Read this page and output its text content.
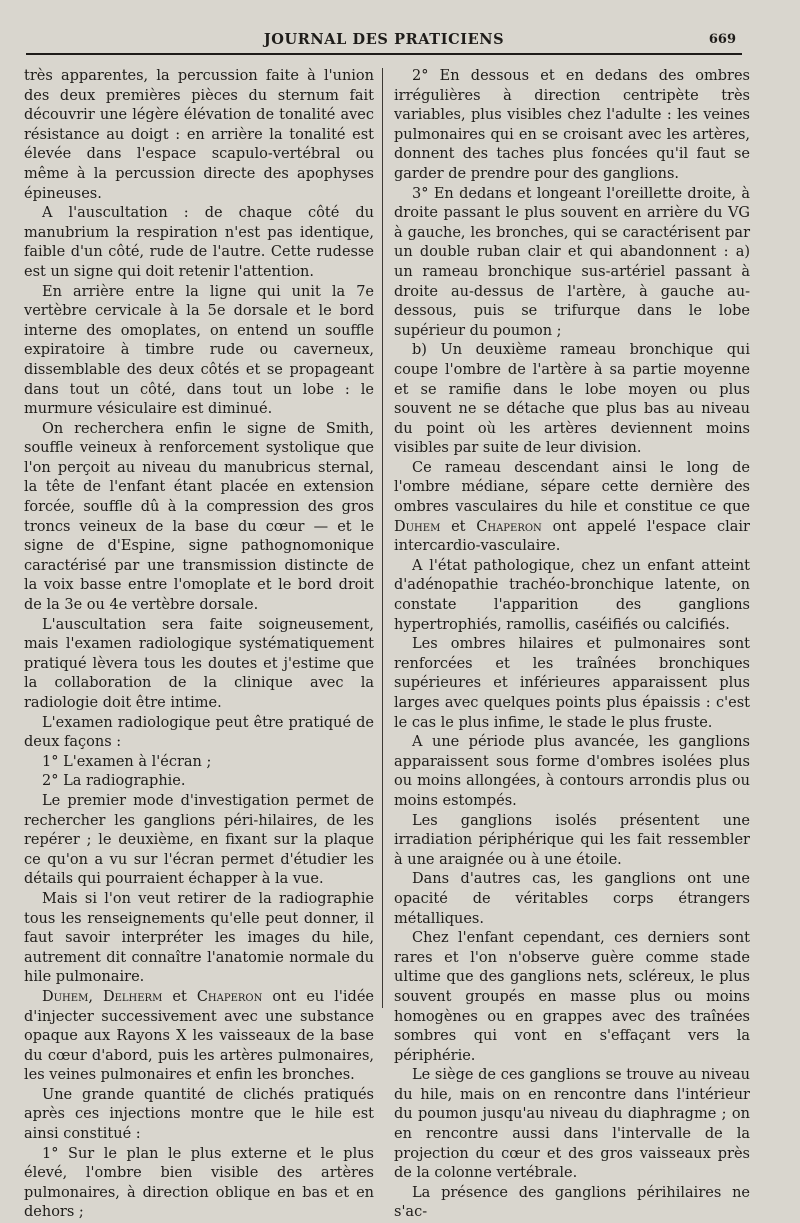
JOURNAL DES PRATICIENS	669

très apparentes, la percussion faite à l'union des deux premières pièces du sternum fait découvrir une légère élévation de tonalité avec résistance au doigt : en arrière la tonalité est élevée dans l'espace scapulo-vertébral ou même à la percussion directe des apophyses épineuses.

A l'auscultation : de chaque côté du manubrium la respiration n'est pas identique, faible d'un côté, rude de l'autre. Cette rudesse est un signe qui doit retenir l'attention.

En arrière entre la ligne qui unit la 7e vertèbre cervicale à la 5e dorsale et le bord interne des omoplates, on entend un souffle expiratoire à timbre rude ou caverneux, dissemblable des deux côtés et se propageant dans tout un côté, dans tout un lobe : le murmure vésiculaire est diminué.

On recherchera enfin le signe de Smith, souffle veineux à renforcement systolique que l'on perçoit au niveau du manubricus sternal, la tête de l'enfant étant placée en extension forcée, souffle dû à la compression des gros troncs veineux de la base du cœur — et le signe de d'Espine, signe pathognomonique caractérisé par une transmission distincte de la voix basse entre l'omoplate et le bord droit de la 3e ou 4e vertèbre dorsale.

L'auscultation sera faite soigneusement, mais l'examen radiologique systématiquement pratiqué lèvera tous les doutes et j'estime que la collaboration de la clinique avec la radiologie doit être intime.

L'examen radiologique peut être pratiqué de deux façons :

1° L'examen à l'écran ;

2° La radiographie.

Le premier mode d'investigation permet de rechercher les ganglions péri-hilaires, de les repérer ; le deuxième, en fixant sur la plaque ce qu'on a vu sur l'écran permet d'étudier les détails qui pourraient échapper à la vue.

Mais si l'on veut retirer de la radiographie tous les renseignements qu'elle peut donner, il faut savoir interpréter les images du hile, autrement dit connaître l'anatomie normale du hile pulmonaire.

Duhem, Delherm et Chaperon ont eu l'idée d'injecter successivement avec une substance opaque aux Rayons X les vaisseaux de la base du cœur d'abord, puis les artères pulmonaires, les veines pulmonaires et enfin les bronches.

Une grande quantité de clichés pratiqués après ces injections montre que le hile est ainsi constitué :

1° Sur le plan le plus externe et le plus élevé, l'ombre bien visible des artères pulmonaires, à direction oblique en bas et en dehors ;

2° En dessous et en dedans des ombres irrégulières à direction centripète très variables, plus visibles chez l'adulte : les veines pulmonaires qui en se croisant avec les artères, donnent des taches plus foncées qu'il faut se garder de prendre pour des ganglions.

3° En dedans et longeant l'oreillette droite, à droite passant le plus souvent en arrière du VG à gauche, les bronches, qui se caractérisent par un double ruban clair et qui abandonnent : a) un rameau bronchique sus-artériel passant à droite au-dessus de l'artère, à gauche au-dessous, puis se trifurque dans le lobe supérieur du poumon ;

b) Un deuxième rameau bronchique qui coupe l'ombre de l'artère à sa partie moyenne et se ramifie dans le lobe moyen ou plus souvent ne se détache que plus bas au niveau du point où les artères deviennent moins visibles par suite de leur division.

Ce rameau descendant ainsi le long de l'ombre médiane, sépare cette dernière des ombres vasculaires du hile et constitue ce que Duhem et Chaperon ont appelé l'espace clair intercardio-vasculaire.

A l'état pathologique, chez un enfant atteint d'adénopathie trachéo-bronchique latente, on constate l'apparition des ganglions hypertrophiés, ramollis, caséifiés ou calcifiés.

Les ombres hilaires et pulmonaires sont renforcées et les traînées bronchiques supérieures et inférieures apparaissent plus larges avec quelques points plus épaissis : c'est le cas le plus infime, le stade le plus fruste.

A une période plus avancée, les ganglions apparaissent sous forme d'ombres isolées plus ou moins allongées, à contours arrondis plus ou moins estompés.

Les ganglions isolés présentent une irradiation périphérique qui les fait ressembler à une araignée ou à une étoile.

Dans d'autres cas, les ganglions ont une opacité de véritables corps étrangers métalliques.

Chez l'enfant cependant, ces derniers sont rares et l'on n'observe guère comme stade ultime que des ganglions nets, scléreux, le plus souvent groupés en masse plus ou moins homogènes ou en grappes avec des traînées sombres qui vont en s'effaçant vers la périphérie.

Le siège de ces ganglions se trouve au niveau du hile, mais on en rencontre dans l'intérieur du poumon jusqu'au niveau du diaphragme ; on en rencontre aussi dans l'intervalle de la projection du cœur et des gros vaisseaux près de la colonne vertébrale.

La présence des ganglions périhilaires ne s'ac-
